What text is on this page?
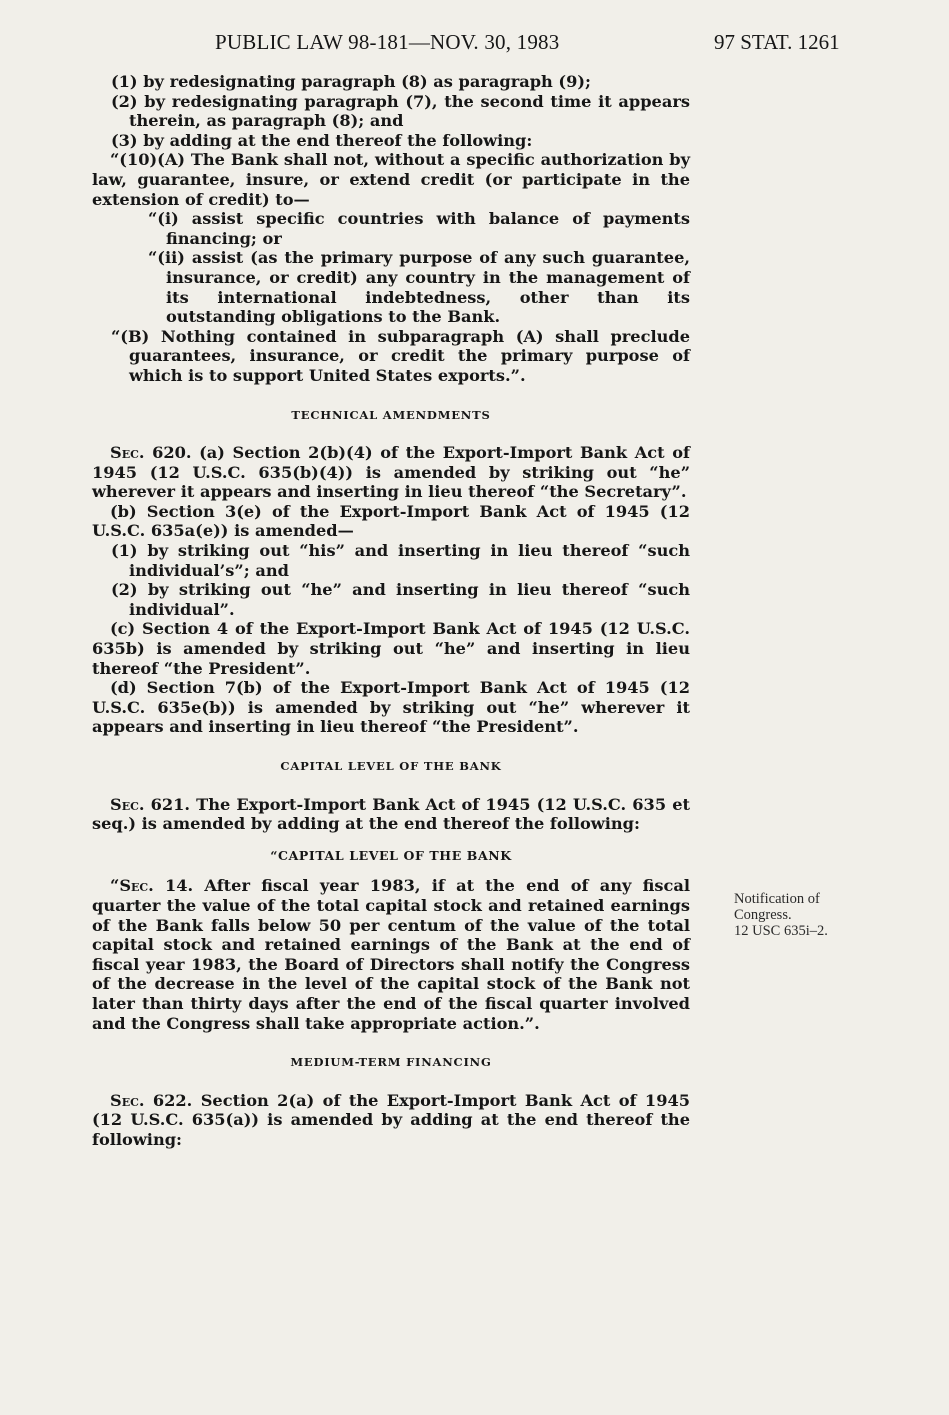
PUBLIC LAW 98-181—NOV. 30, 1983	97 STAT. 1261

(1) by redesignating paragraph (8) as paragraph (9);

(2) by redesignating paragraph (7), the second time it appears therein, as paragraph (8); and

(3) by adding at the end thereof the following:

“(10)(A) The Bank shall not, without a specific authorization by law, guarantee, insure, or extend credit (or participate in the extension of credit) to—

“(i) assist specific countries with balance of payments financing; or

“(ii) assist (as the primary purpose of any such guarantee, insurance, or credit) any country in the management of its international indebtedness, other than its outstanding obligations to the Bank.

“(B) Nothing contained in subparagraph (A) shall preclude guarantees, insurance, or credit the primary purpose of which is to support United States exports.”.

TECHNICAL AMENDMENTS

Sec. 620. (a) Section 2(b)(4) of the Export-Import Bank Act of 1945 (12 U.S.C. 635(b)(4)) is amended by striking out “he” wherever it appears and inserting in lieu thereof “the Secretary”.

(b) Section 3(e) of the Export-Import Bank Act of 1945 (12 U.S.C. 635a(e)) is amended—

(1) by striking out “his” and inserting in lieu thereof “such individual’s”; and

(2) by striking out “he” and inserting in lieu thereof “such individual”.

(c) Section 4 of the Export-Import Bank Act of 1945 (12 U.S.C. 635b) is amended by striking out “he” and inserting in lieu thereof “the President”.

(d) Section 7(b) of the Export-Import Bank Act of 1945 (12 U.S.C. 635e(b)) is amended by striking out “he” wherever it appears and inserting in lieu thereof “the President”.

CAPITAL LEVEL OF THE BANK

Sec. 621. The Export-Import Bank Act of 1945 (12 U.S.C. 635 et seq.) is amended by adding at the end thereof the following:

“CAPITAL LEVEL OF THE BANK

“Sec. 14. After fiscal year 1983, if at the end of any fiscal quarter the value of the total capital stock and retained earnings of the Bank falls below 50 per centum of the value of the total capital stock and retained earnings of the Bank at the end of fiscal year 1983, the Board of Directors shall notify the Congress of the decrease in the level of the capital stock of the Bank not later than thirty days after the end of the fiscal quarter involved and the Congress shall take appropriate action.”.

MEDIUM-TERM FINANCING

Sec. 622. Section 2(a) of the Export-Import Bank Act of 1945 (12 U.S.C. 635(a)) is amended by adding at the end thereof the following:

Notification of
Congress.
12 USC 635i–2.
